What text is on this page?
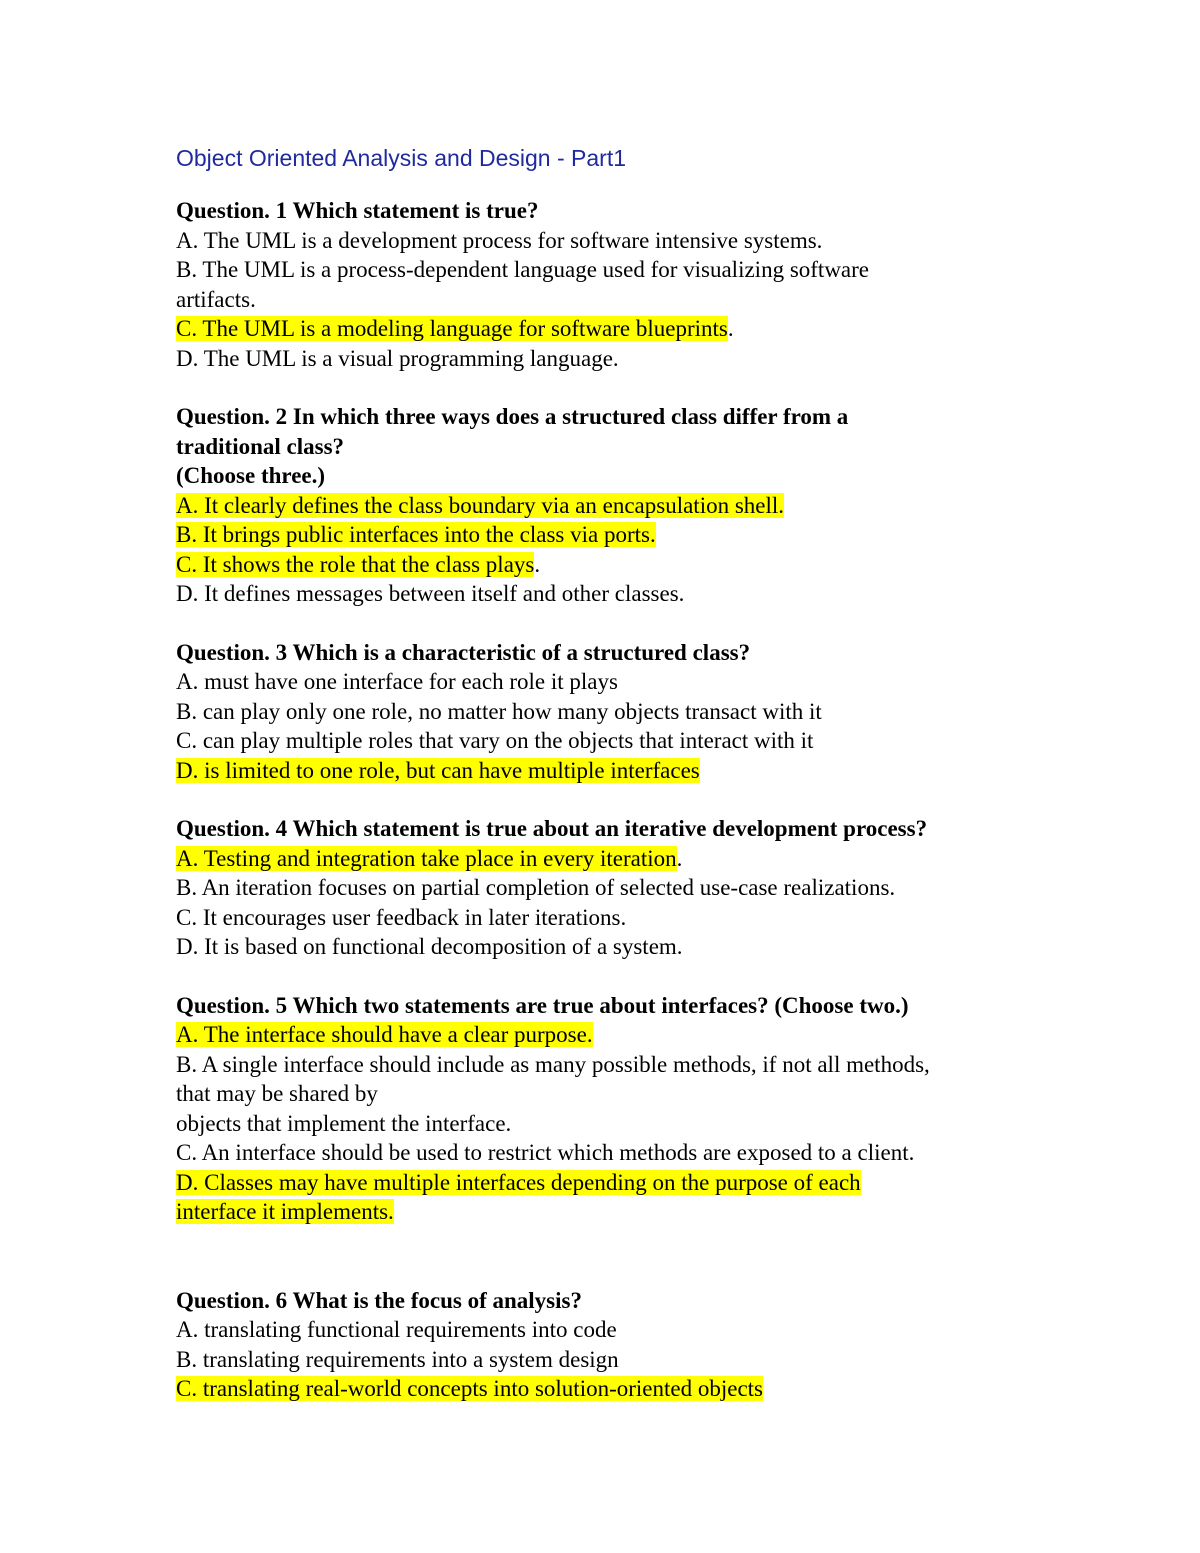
Object Oriented Analysis and Design - Part1
Question. 1 Which statement is true?
A. The UML is a development process for software intensive systems.
B. The UML is a process-dependent language used for visualizing software
artifacts.
C. The UML is a modeling language for software blueprints.
D. The UML is a visual programming language.
Question. 2 In which three ways does a structured class differ from a
traditional class?
(Choose three.)
A. It clearly defines the class boundary via an encapsulation shell.
B. It brings public interfaces into the class via ports.
C. It shows the role that the class plays.
D. It defines messages between itself and other classes.
Question. 3 Which is a characteristic of a structured class?
A. must have one interface for each role it plays
B. can play only one role, no matter how many objects transact with it
C. can play multiple roles that vary on the objects that interact with it
D. is limited to one role, but can have multiple interfaces
Question. 4 Which statement is true about an iterative development process?
A. Testing and integration take place in every iteration.
B. An iteration focuses on partial completion of selected use-case realizations.
C. It encourages user feedback in later iterations.
D. It is based on functional decomposition of a system.
Question. 5 Which two statements are true about interfaces? (Choose two.)
A. The interface should have a clear purpose.
B. A single interface should include as many possible methods, if not all methods,
that may be shared by
objects that implement the interface.
C. An interface should be used to restrict which methods are exposed to a client.
D. Classes may have multiple interfaces depending on the purpose of each
interface it implements.
Question. 6 What is the focus of analysis?
A. translating functional requirements into code
B. translating requirements into a system design
C. translating real-world concepts into solution-oriented objects
